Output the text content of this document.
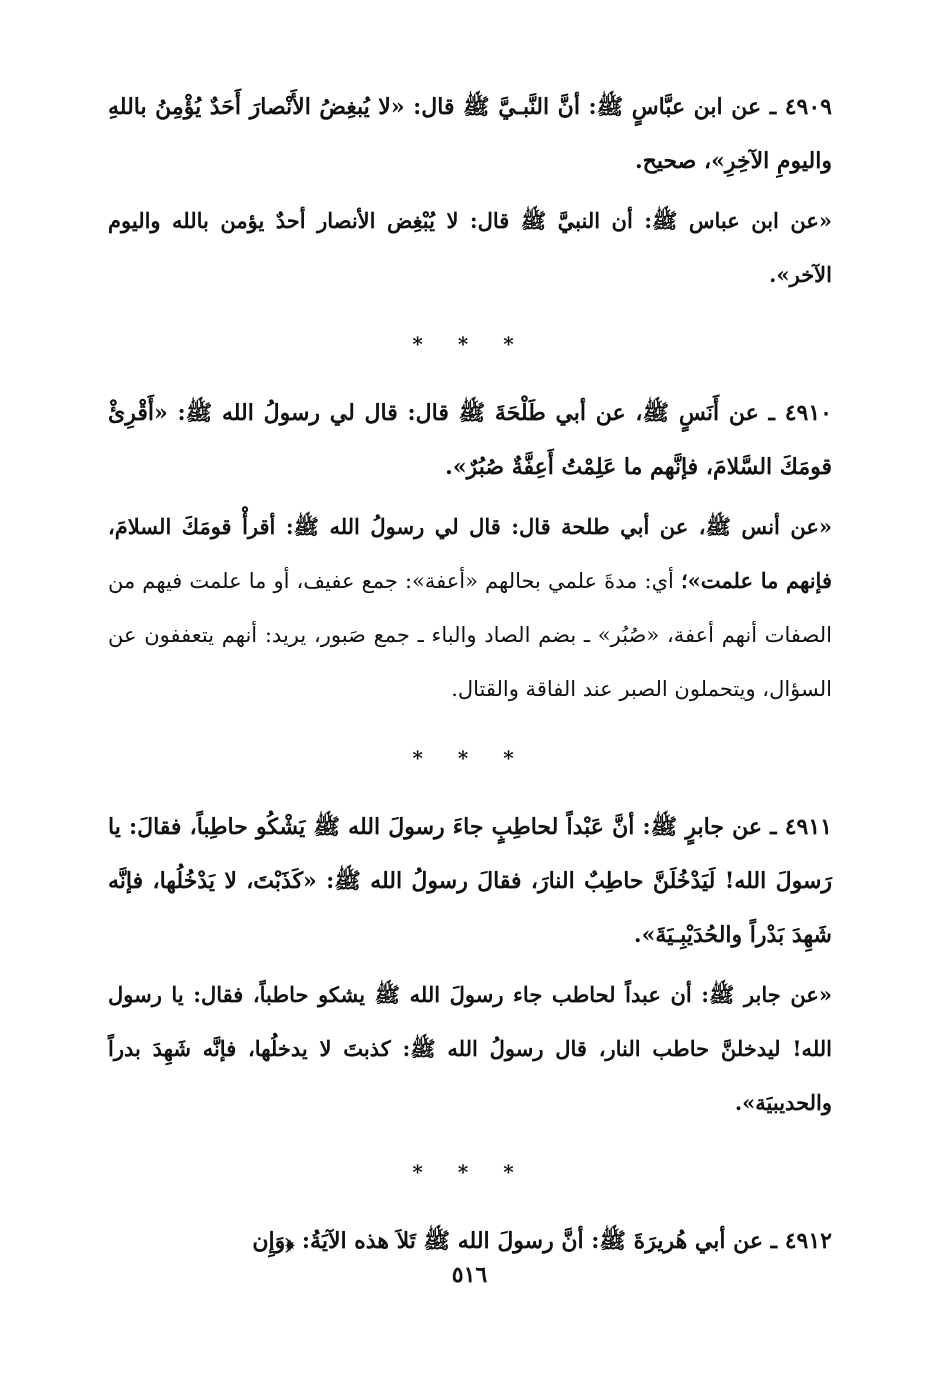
٤٩٠٩ ـ عن ابن عبَّاسٍ ﷺ: أنَّ النَّبـيَّ ﷺ قال: «لا يُبغِضُ الأَنْصارَ أَحَدٌ يُؤْمِنُ باللهِ واليومِ الآخِرِ»، صحيح.

«عن ابن عباس ﷺ: أن النبيَّ ﷺ قال: لا يُبْغِض الأنصار أحدٌ يؤمن بالله واليوم الآخر».

* * *

٤٩١٠ ـ عن أَنَسٍ ﷺ، عن أبي طَلْحَةَ ﷺ قال: قال لي رسولُ الله ﷺ: «أَقْرِئْ قومَكَ السَّلامَ، فإنَّهم ما عَلِمْتُ أَعِفَّةٌ صُبُرٌ».

«عن أنس ﷺ، عن أبي طلحة قال: قال لي رسولُ الله ﷺ: أقرأْ قومَكَ السلامَ، فإنهم ما علمت»؛ أي: مدةَ علمي بحالهم «أعفة»: جمع عفيف، أو ما علمت فيهم من الصفات أنهم أعفة، «صُبُر» ـ بضم الصاد والباء ـ جمع صَبور، يريد: أنهم يتعففون عن السؤال، ويتحملون الصبر عند الفاقة والقتال.

* * *

٤٩١١ ـ عن جابرٍ ﷺ: أنَّ عَبْداً لحاطِبٍ جاءَ رسولَ الله ﷺ يَشْكُو حاطِباً، فقالَ: يا رَسولَ الله! لَيَدْخُلَنَّ حاطِبٌ النارَ، فقالَ رسولُ الله ﷺ: «كَذَبْتَ، لا يَدْخُلُها، فإنَّه شَهِدَ بَدْراً والحُدَيْبِـيَةَ».

«عن جابر ﷺ: أن عبداً لحاطب جاء رسولَ الله ﷺ يشكو حاطباً، فقال: يا رسول الله! ليدخلنَّ حاطب النار، قال رسولُ الله ﷺ: كذبتَ لا يدخلُها، فإنَّه شَهِدَ بدراً والحديبيَة».

* * *

٤٩١٢ ـ عن أبي هُريرَةَ ﷺ: أنَّ رسولَ الله ﷺ تَلاَ هذه الآيَةُ: ﴿وَإِن

٥١٦
